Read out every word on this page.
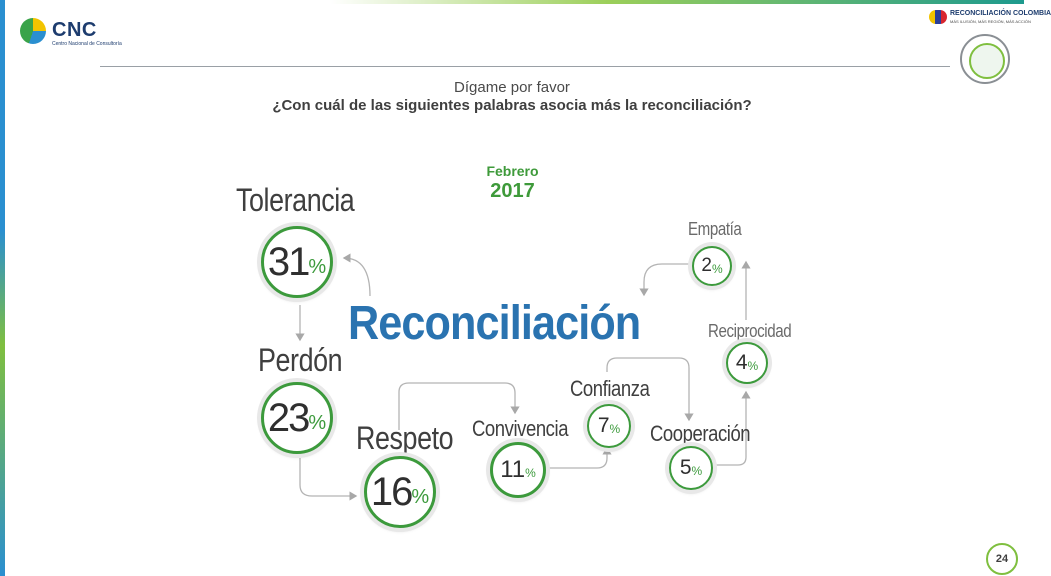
CNC
Centro Nacional de Consultoría
RECONCILIACIÓN COLOMBIA
MÁS ILUSIÓN, MÁS REGIÓN, MÁS ACCIÓN
Dígame por favor
¿Con cuál de las siguientes palabras asocia más la reconciliación?
Febrero
2017
Reconciliación
Tolerancia
31 %
Perdón
23 % Respeto
16 %
Convivencia
11 %
Confianza
7 % Cooperación
5 %
Reciprocidad
4 %
Empatía
2 %
24
